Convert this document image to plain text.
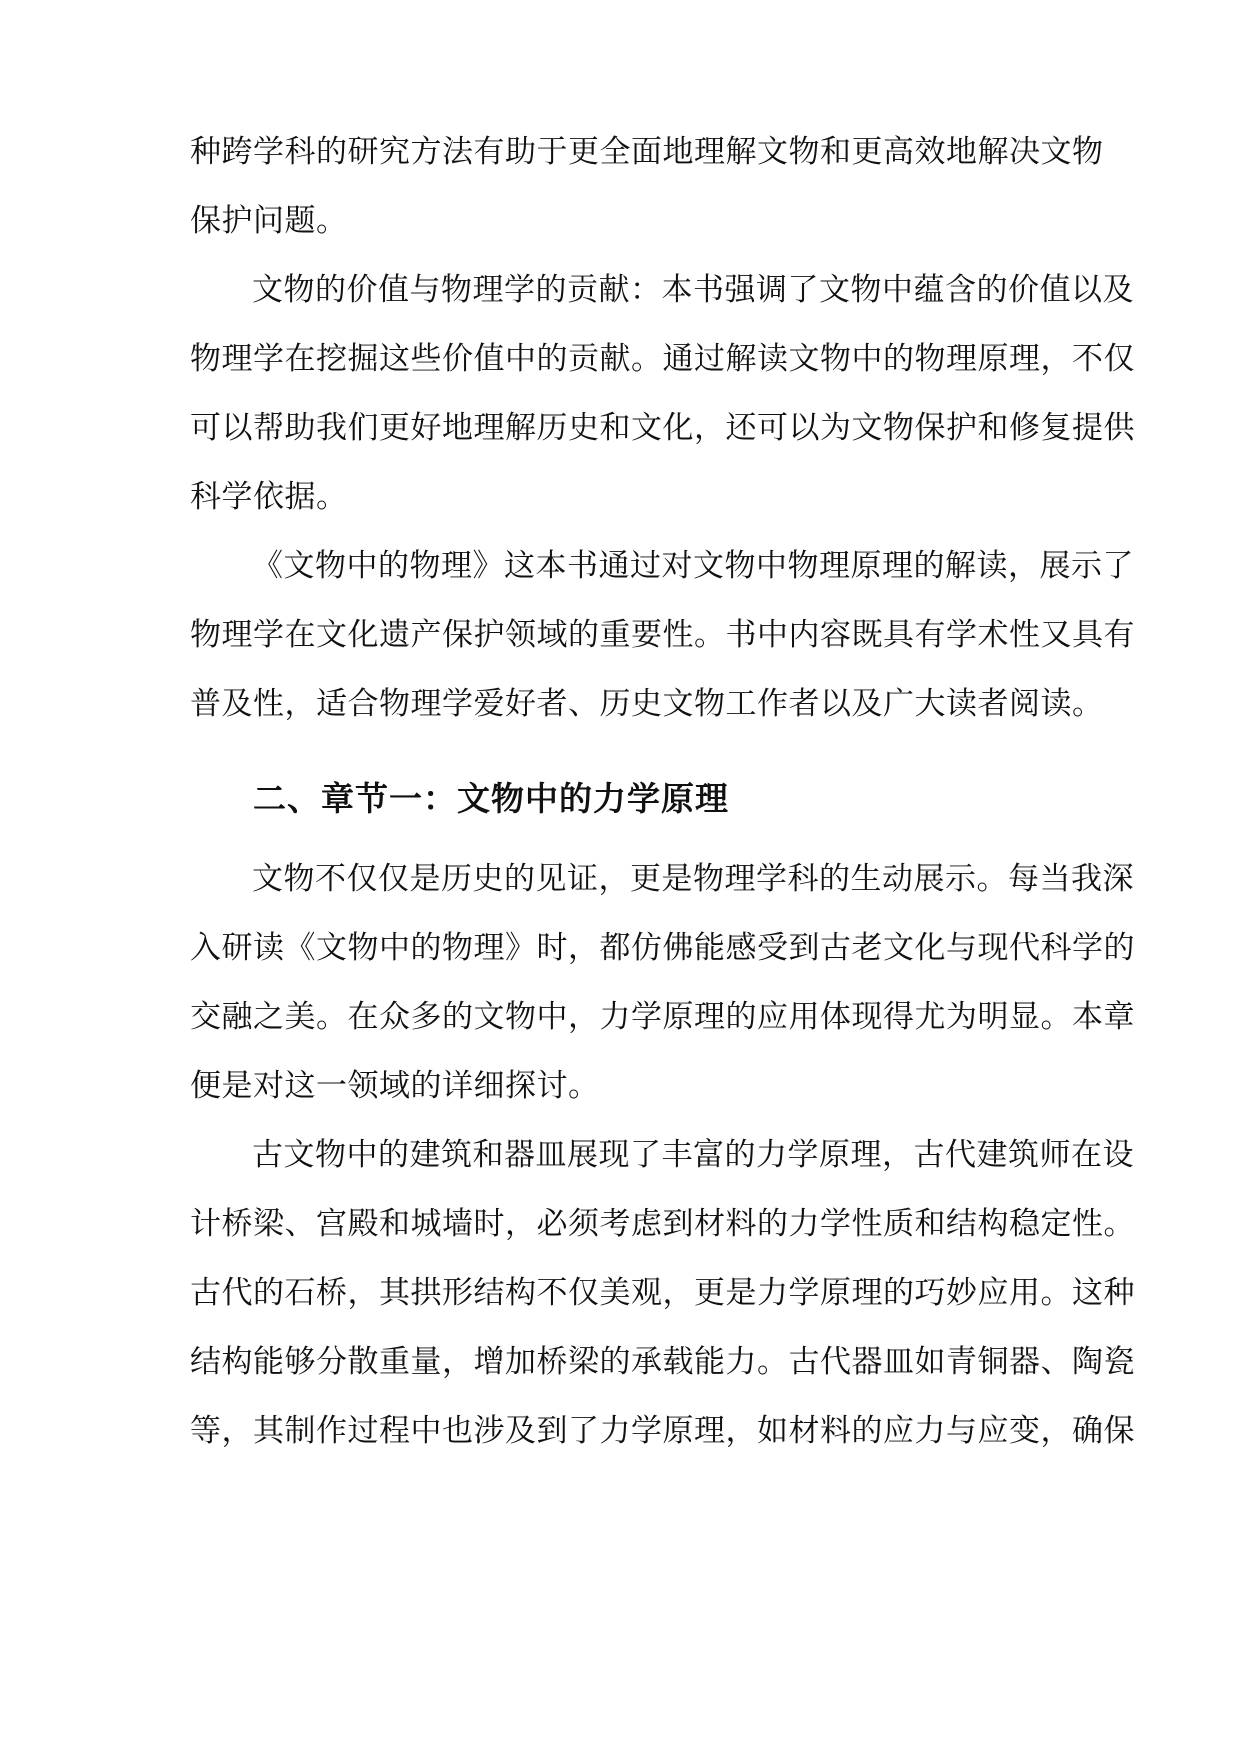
种跨学科的研究方法有助于更全面地理解文物和更高效地解决文物
保护问题。
文物的价值与物理学的贡献：本书强调了文物中蕴含的价值以及
物理学在挖掘这些价值中的贡献。通过解读文物中的物理原理，不仅
可以帮助我们更好地理解历史和文化，还可以为文物保护和修复提供
科学依据。
《文物中的物理》这本书通过对文物中物理原理的解读，展示了
物理学在文化遗产保护领域的重要性。书中内容既具有学术性又具有
普及性，适合物理学爱好者、历史文物工作者以及广大读者阅读。
二、章节一：文物中的力学原理
文物不仅仅是历史的见证，更是物理学科的生动展示。每当我深
入研读《文物中的物理》时，都仿佛能感受到古老文化与现代科学的
交融之美。在众多的文物中，力学原理的应用体现得尤为明显。本章
便是对这一领域的详细探讨。
古文物中的建筑和器皿展现了丰富的力学原理，古代建筑师在设
计桥梁、宫殿和城墙时，必须考虑到材料的力学性质和结构稳定性。
古代的石桥，其拱形结构不仅美观，更是力学原理的巧妙应用。这种
结构能够分散重量，增加桥梁的承载能力。古代器皿如青铜器、陶瓷
等，其制作过程中也涉及到了力学原理，如材料的应力与应变，确保
